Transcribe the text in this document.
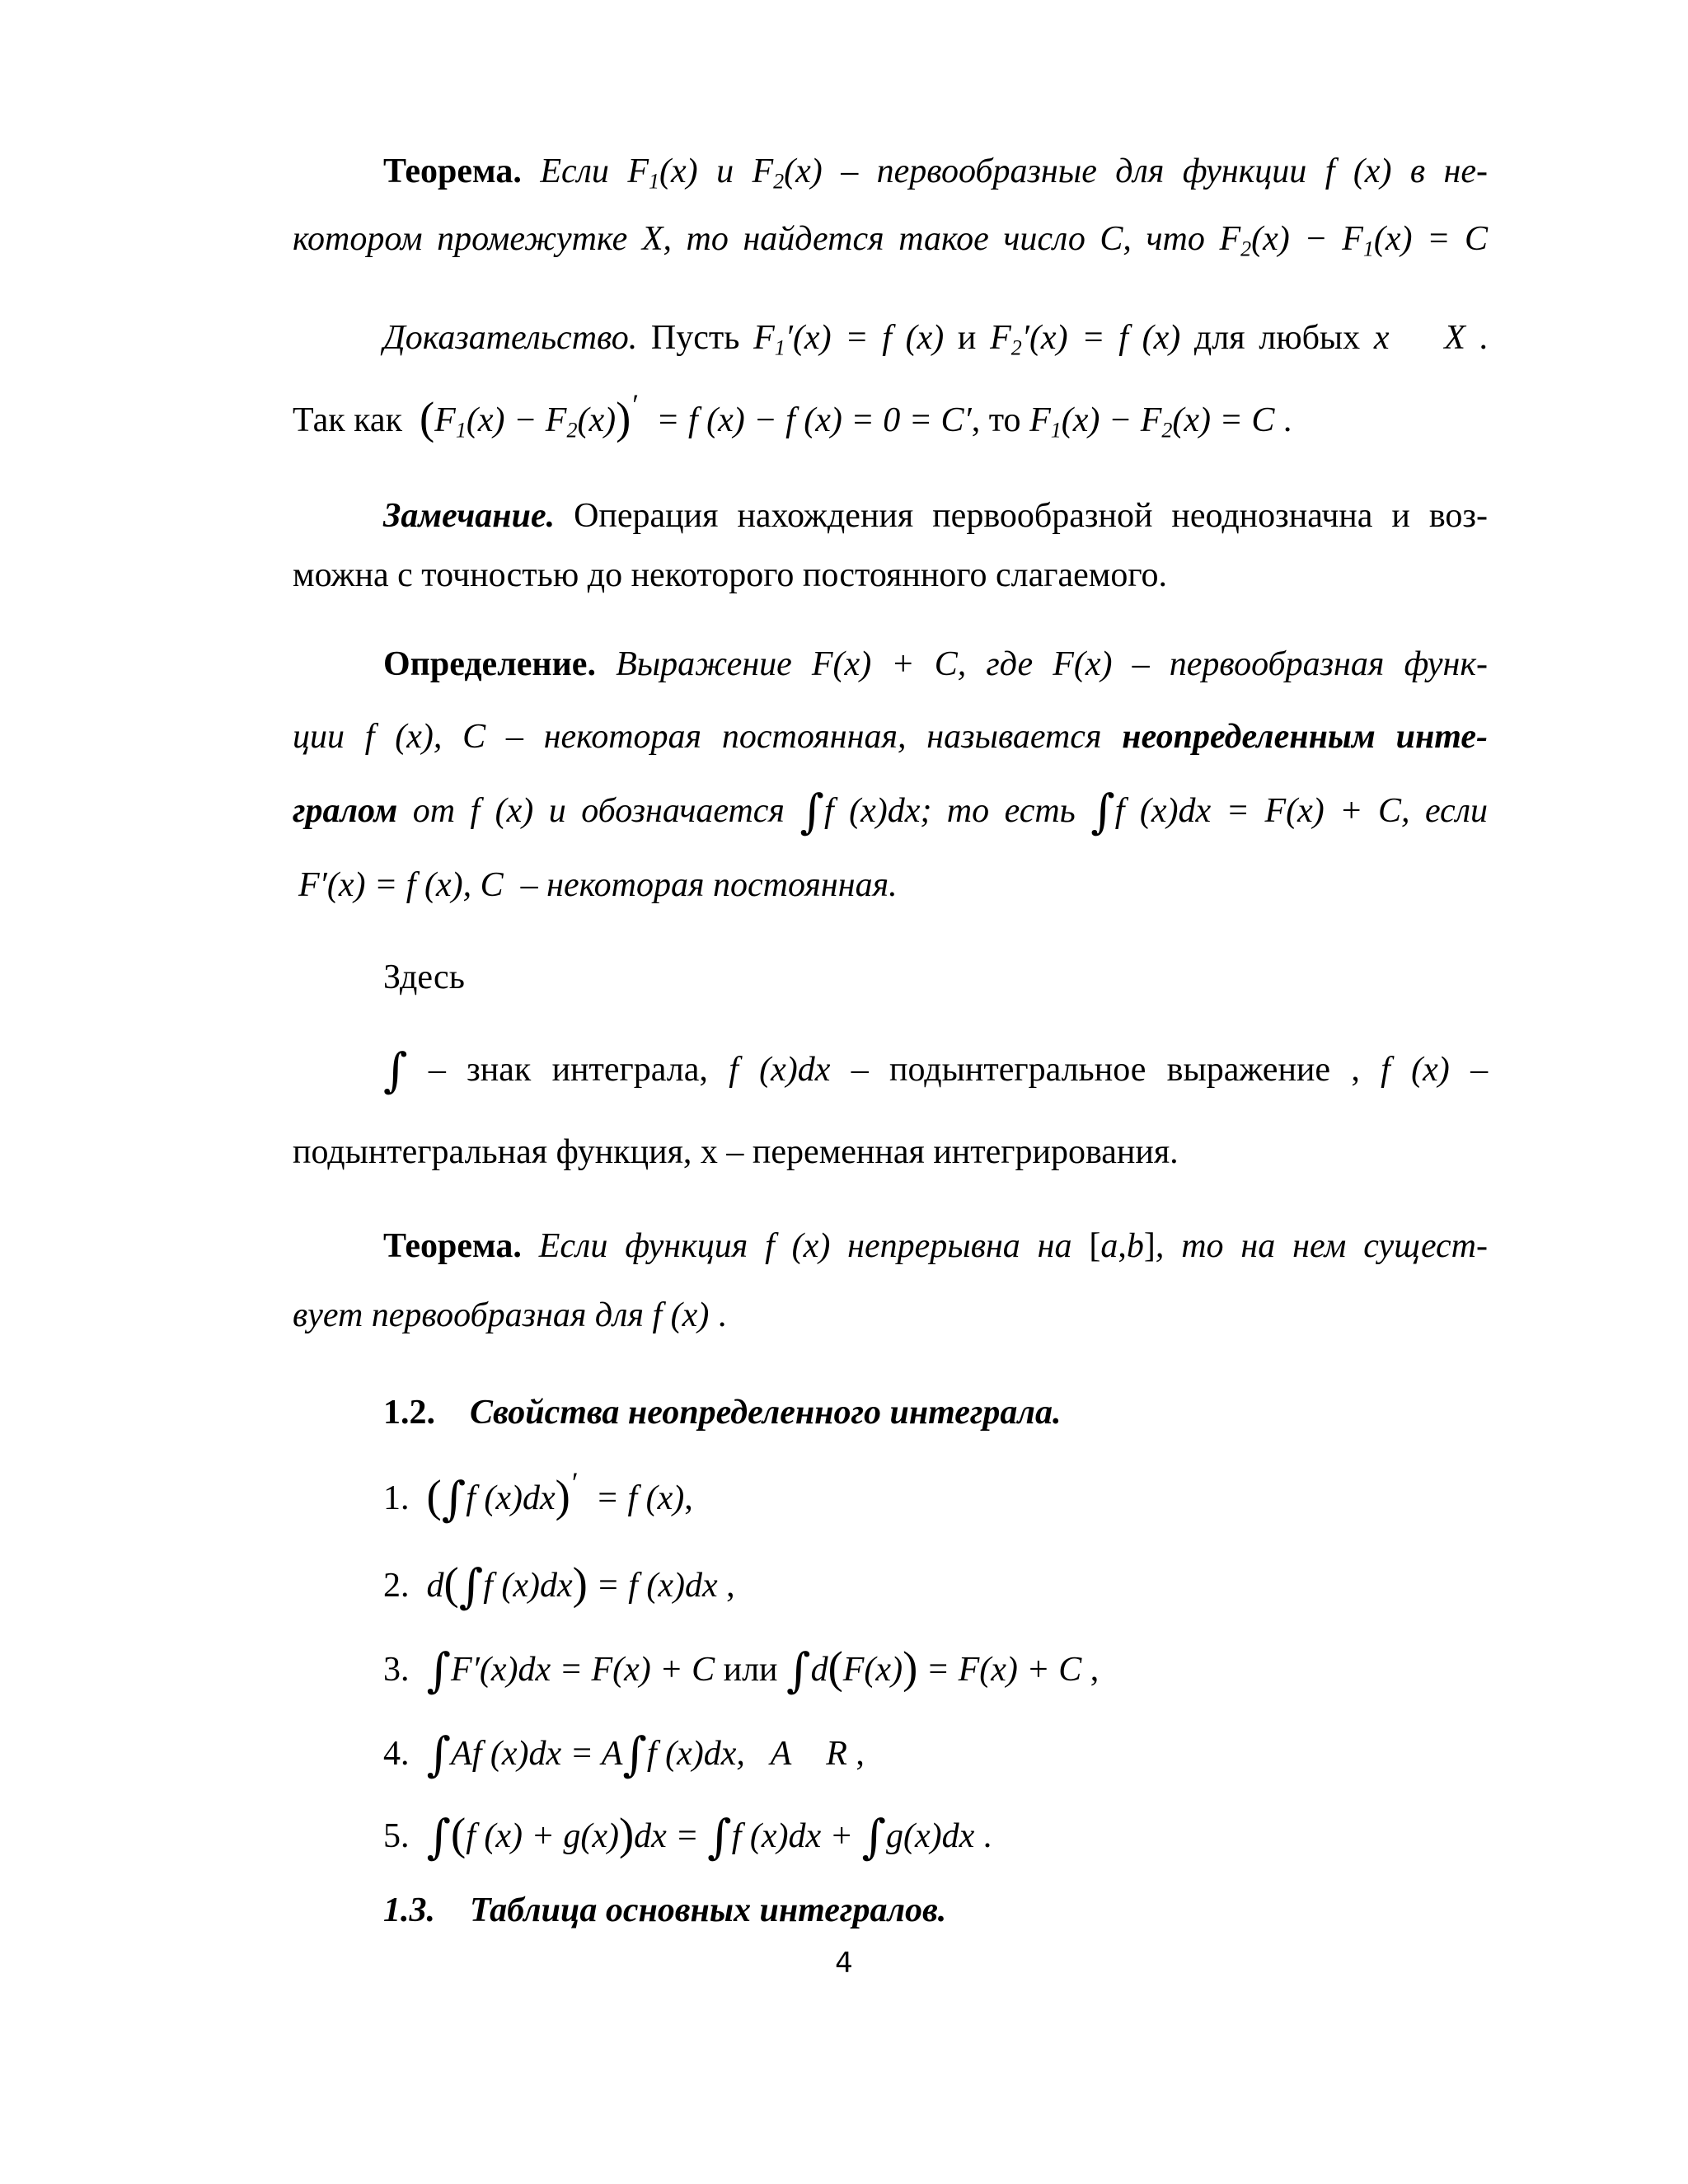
Теорема. Если $F_1(x)$ и $F_2(x)$ – первообразные для функции f (x) в не-
котором промежутке X, то найдется такое число C, что $F_2(x) - F_1(x) = C$
Доказательство. Пусть $F_1'(x) = f$ (x) и $F_2'(x) = f$ (x) для любых x    X .
Так как $(F_1(x) - F_2(x))' = f$ (x) − f (x) = 0 = C′, то $F_1(x) - F_2(x) = C$ .
Замечание. Операция нахождения первообразной неоднозначна и воз-
можна с точностью до некоторого постоянного слагаемого.
Определение. Выражение F(x) + C, где F(x) – первообразная функ-
ции f (x), C – некоторая постоянная, называется неопределенным инте-
гралом от f (x) и обозначается ∫f (x)dx; то есть ∫f (x)dx = F(x) + C, если
F′(x) = f (x), C – некоторая постоянная.
Здесь
∫ – знак интеграла, f (x)dx – подынтегральное выражение , f (x) –
подынтегральная функция, x – переменная интегрирования.
Теорема. Если функция f (x) непрерывна на [a,b], то на нем сущест-
вует первообразная для f (x) .
1.2. Свойства неопределенного интеграла.
1. (∫f (x)dx)′  = f (x),
2. d(∫f (x)dx) = f (x)dx ,
3. ∫F′(x)dx = F(x) + C или ∫d(F(x)) = F(x) + C ,
4. ∫Af (x)dx = A∫f (x)dx,   A    R ,
5. ∫(f (x) + g(x))dx = ∫f (x)dx + ∫g(x)dx .
1.3. Таблица основных интегралов.
4
